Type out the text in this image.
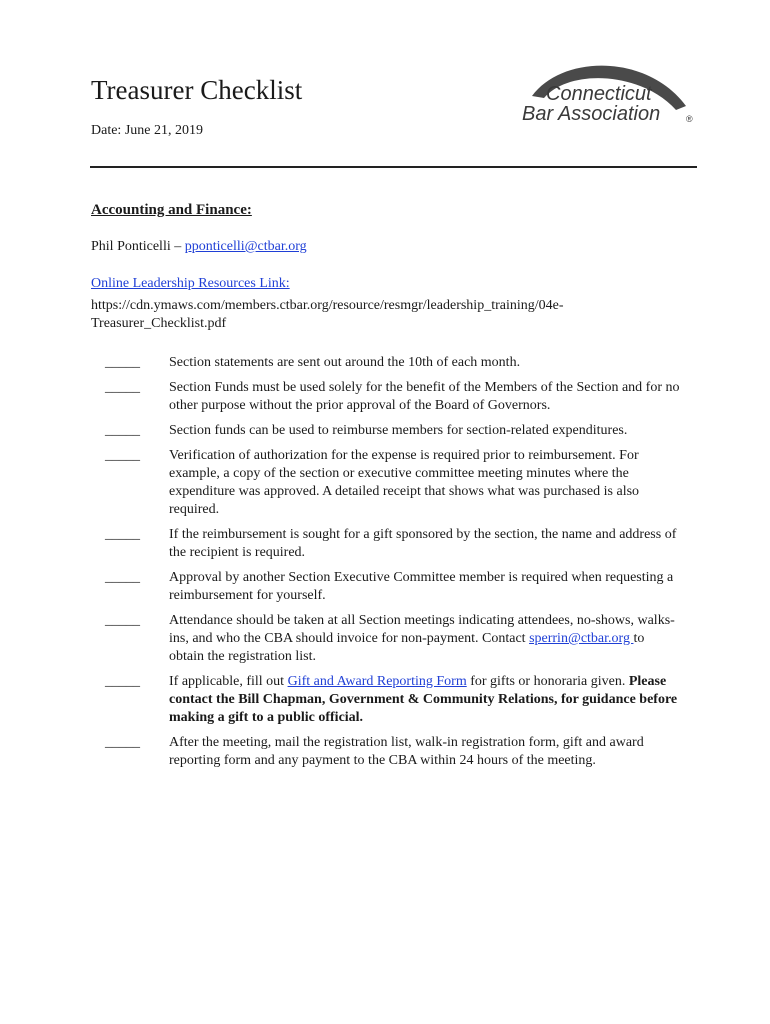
Treasurer Checklist
Date: June 21, 2019
Connecticut
Bar Association	®
Accounting and Finance:
Phil Ponticelli – pponticelli@ctbar.org
Online Leadership Resources Link:
https://cdn.ymaws.com/members.ctbar.org/resource/resmgr/leadership_training/04e-Treasurer_Checklist.pdf
_____	Section statements are sent out around the 10th of each month.
_____	Section Funds must be used solely for the benefit of the Members of the Section and for no other purpose without the prior approval of the Board of Governors.
_____	Section funds can be used to reimburse members for section-related expenditures.
_____	Verification of authorization for the expense is required prior to reimbursement. For example, a copy of the section or executive committee meeting minutes where the expenditure was approved. A detailed receipt that shows what was purchased is also required.
_____	If the reimbursement is sought for a gift sponsored by the section, the name and address of the recipient is required.
_____	Approval by another Section Executive Committee member is required when requesting a reimbursement for yourself.
_____	Attendance should be taken at all Section meetings indicating attendees, no-shows, walks-ins, and who the CBA should invoice for non-payment. Contact sperrin@ctbar.org to obtain the registration list.
_____	If applicable, fill out Gift and Award Reporting Form for gifts or honoraria given. Please contact the Bill Chapman, Government & Community Relations, for guidance before making a gift to a public official.
_____	After the meeting, mail the registration list, walk-in registration form, gift and award reporting form and any payment to the CBA within 24 hours of the meeting.
